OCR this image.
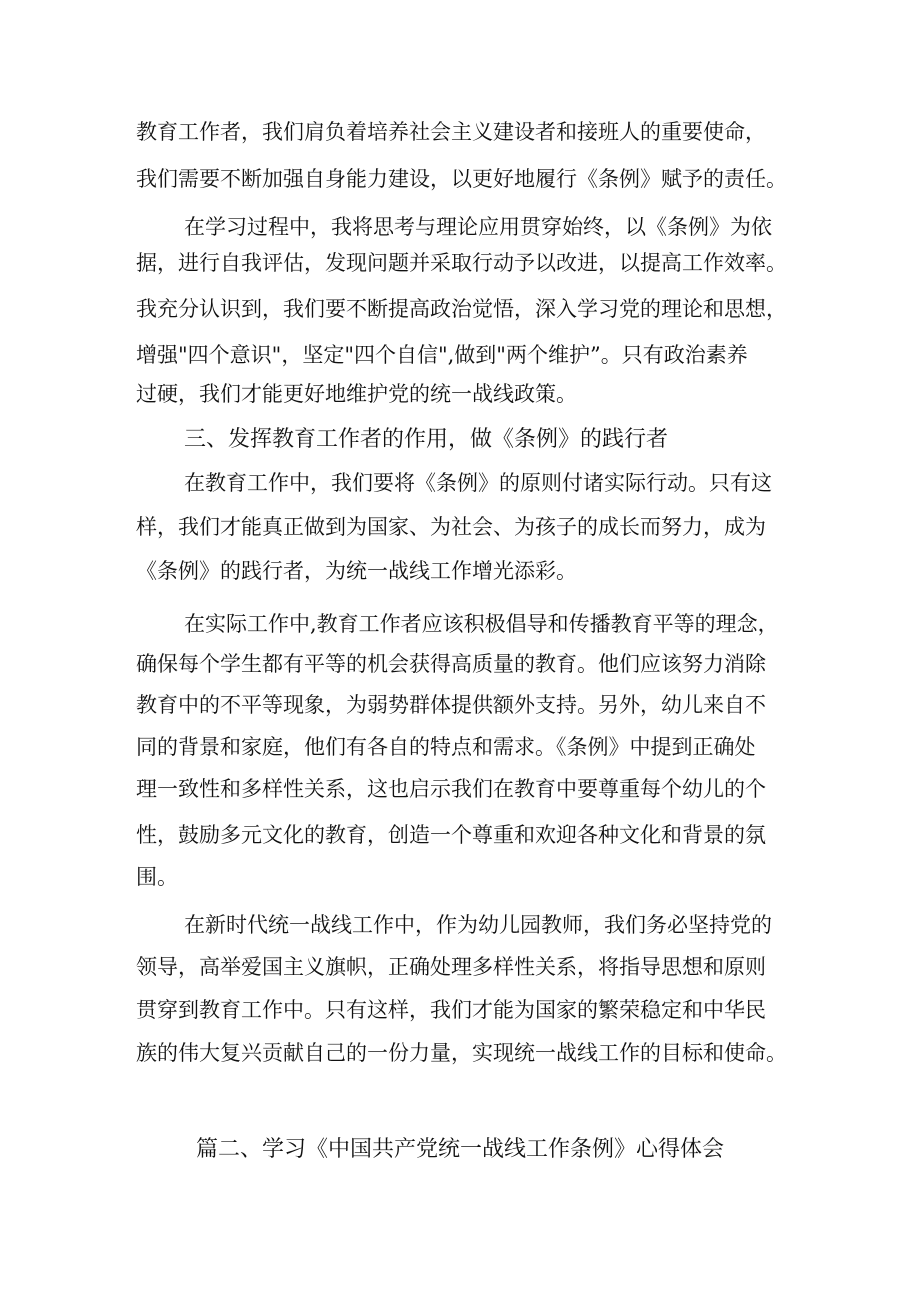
教育工作者，我们肩负着培养社会主义建设者和接班人的重要使命，
我们需要不断加强自身能力建设，以更好地履行《条例》赋予的责任。
在学习过程中，我将思考与理论应用贯穿始终，以《条例》为依
据，进行自我评估，发现问题并采取行动予以改进，以提高工作效率。
我充分认识到，我们要不断提高政治觉悟，深入学习党的理论和思想，
增强"四个意识"，坚定"四个自信",做到"两个维护”。只有政治素养
过硬，我们才能更好地维护党的统一战线政策。
三、发挥教育工作者的作用，做《条例》的践行者
在教育工作中，我们要将《条例》的原则付诸实际行动。只有这
样，我们才能真正做到为国家、为社会、为孩子的成长而努力，成为
《条例》的践行者，为统一战线工作增光添彩。
在实际工作中,教育工作者应该积极倡导和传播教育平等的理念，
确保每个学生都有平等的机会获得高质量的教育。他们应该努力消除
教育中的不平等现象，为弱势群体提供额外支持。另外，幼儿来自不
同的背景和家庭，他们有各自的特点和需求。《条例》中提到正确处
理一致性和多样性关系，这也启示我们在教育中要尊重每个幼儿的个
性，鼓励多元文化的教育，创造一个尊重和欢迎各种文化和背景的氛
围。
在新时代统一战线工作中，作为幼儿园教师，我们务必坚持党的
领导，高举爱国主义旗帜，正确处理多样性关系，将指导思想和原则
贯穿到教育工作中。只有这样，我们才能为国家的繁荣稳定和中华民
族的伟大复兴贡献自己的一份力量，实现统一战线工作的目标和使命。
篇二、学习《中国共产党统一战线工作条例》心得体会
